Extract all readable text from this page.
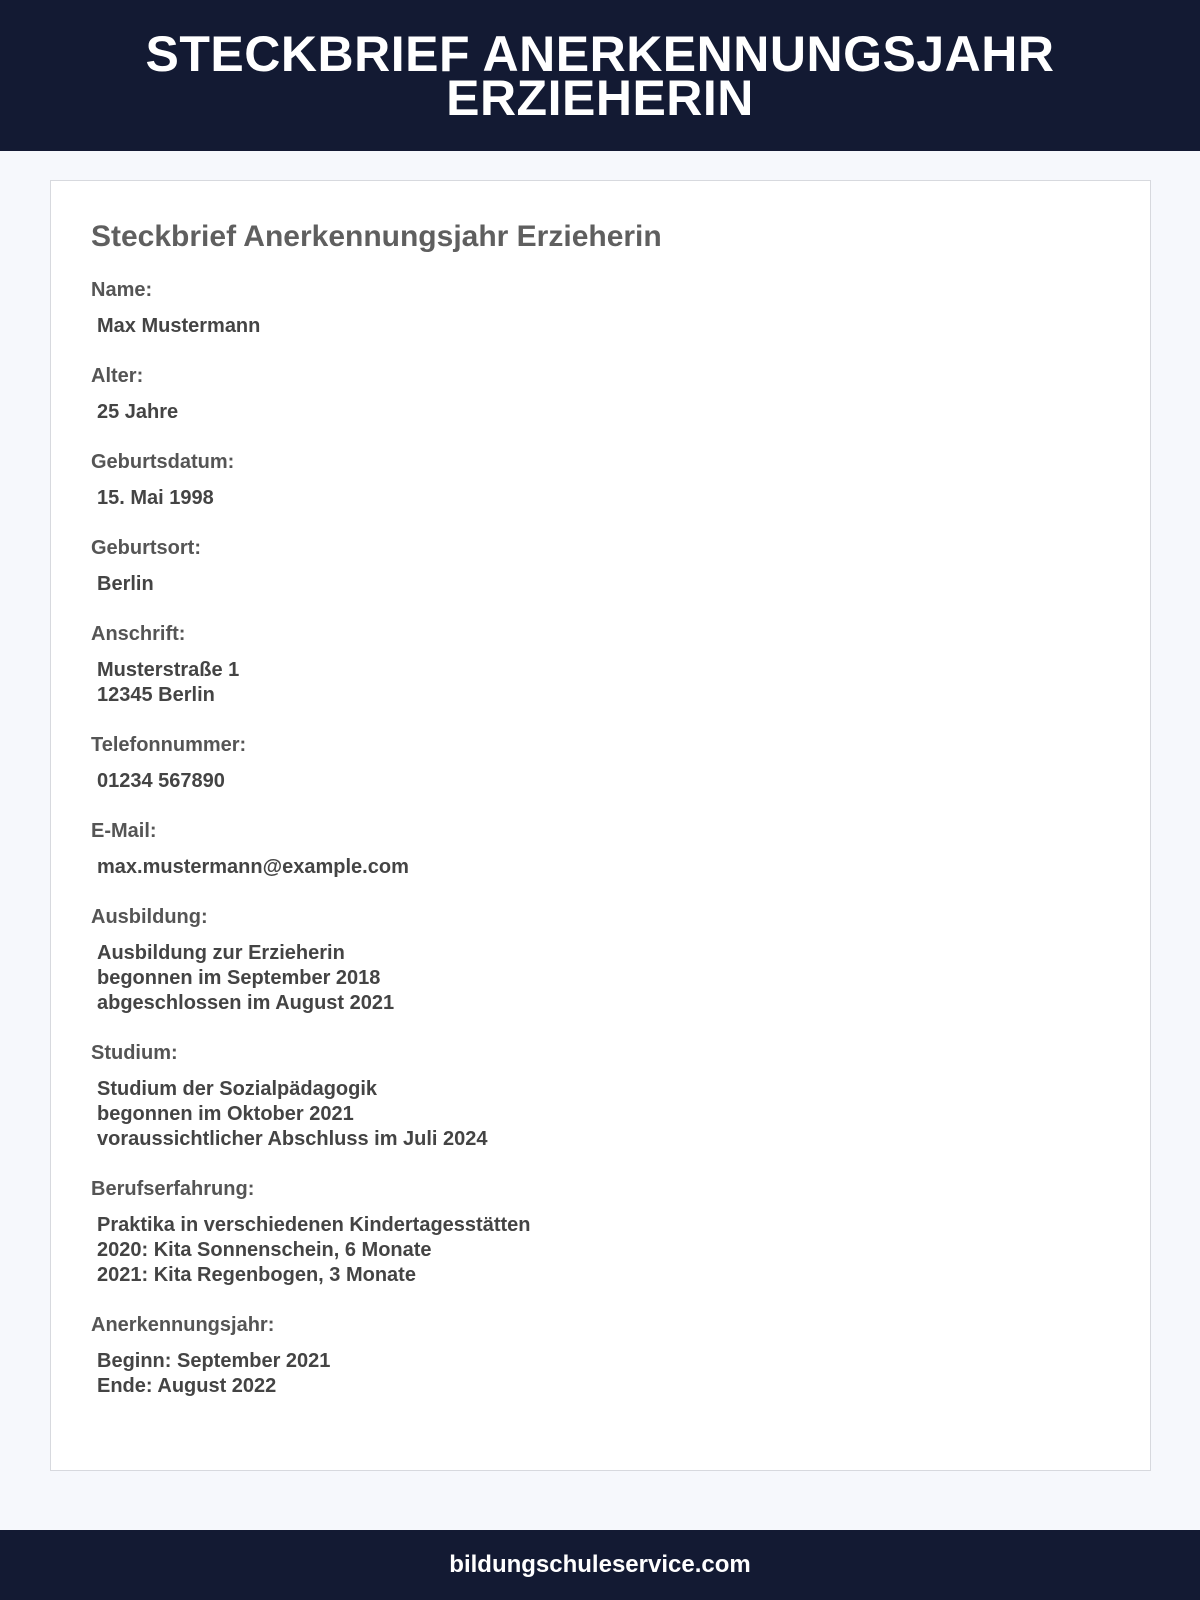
STECKBRIEF ANERKENNUNGSJAHR
ERZIEHERIN
Steckbrief Anerkennungsjahr Erzieherin
Name:
Max Mustermann
Alter:
25 Jahre
Geburtsdatum:
15. Mai 1998
Geburtsort:
Berlin
Anschrift:
Musterstraße 1
12345 Berlin
Telefonnummer:
01234 567890
E-Mail:
max.mustermann@example.com
Ausbildung:
Ausbildung zur Erzieherin
begonnen im September 2018
abgeschlossen im August 2021
Studium:
Studium der Sozialpädagogik
begonnen im Oktober 2021
voraussichtlicher Abschluss im Juli 2024
Berufserfahrung:
Praktika in verschiedenen Kindertagesstätten
2020: Kita Sonnenschein, 6 Monate
2021: Kita Regenbogen, 3 Monate
Anerkennungsjahr:
Beginn: September 2021
Ende: August 2022
bildungschuleservice.com
